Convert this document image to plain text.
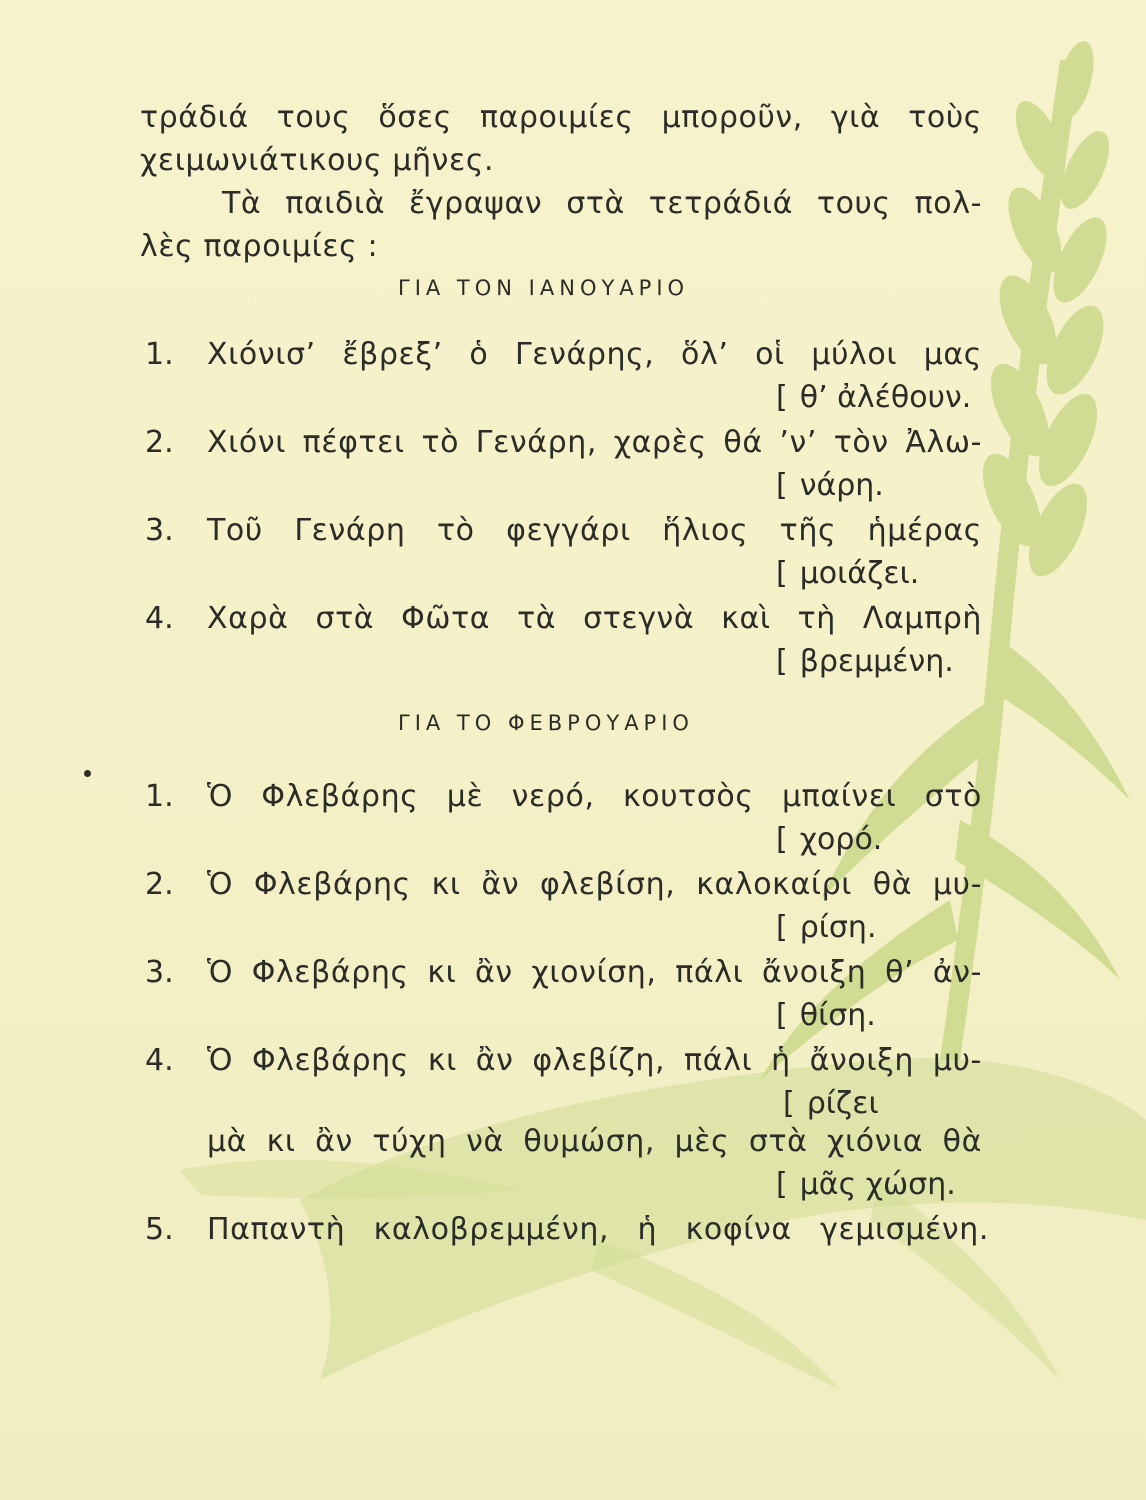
τράδιά τους ὅσες παροιμίες μποροῦν, γιὰ τοὺς
χειμωνιάτικους μῆνες.
Τὰ παιδιὰ ἔγραψαν στὰ τετράδιά τους πολ-
λὲς παροιμίες :
ΓΙΑ ΤΟΝ ΙΑΝΟΥΑΡΙΟ
1. Χιόνισ’ ἔβρεξ’ ὁ Γενάρης, ὅλ’ οἱ μύλοι μας
[ θ’ ἀλέθουν.
2. Χιόνι πέφτει τὸ Γενάρη, χαρὲς θά ’ν’ τὸν Ἀλω-
[ νάρη.
3. Τοῦ Γενάρη τὸ φεγγάρι ἥλιος τῆς ἡμέρας
[ μοιάζει.
4. Χαρὰ στὰ Φῶτα τὰ στεγνὰ καὶ τὴ Λαμπρὴ
[ βρεμμένη.
ΓΙΑ ΤΟ ΦΕΒΡΟΥΑΡΙΟ
1. Ὁ Φλεβάρης μὲ νερό, κουτσὸς μπαίνει στὸ
[ χορό.
2. Ὁ Φλεβάρης κι ἂν φλεβίση, καλοκαίρι θὰ μυ-
[ ρίση.
3. Ὁ Φλεβάρης κι ἂν χιονίση, πάλι ἄνοιξη θ’ ἀν-
[ θίση.
4. Ὁ Φλεβάρης κι ἂν φλεβίζη, πάλι ἡ ἄνοιξη μυ-
[ ρίζει
μὰ κι ἂν τύχη νὰ θυμώση, μὲς στὰ χιόνια θὰ
[ μᾶς χώση.
5. Παπαντὴ καλοβρεμμένη, ἡ κοφίνα γεμισμένη.
